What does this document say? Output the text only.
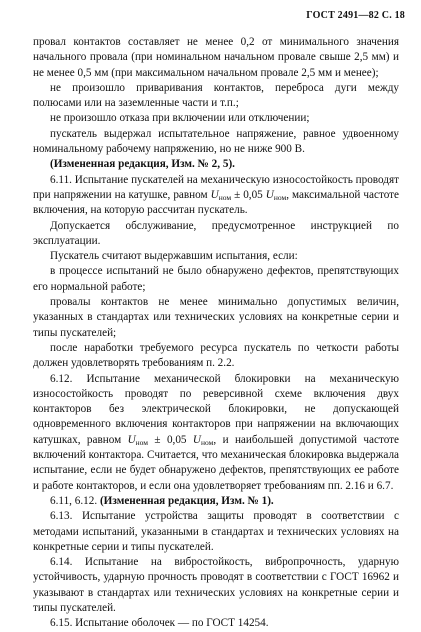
ГОСТ 2491—82 С. 18

провал контактов составляет не менее 0,2 от минимального значения начального провала (при номинальном начальном провале свыше 2,5 мм) и не менее 0,5 мм (при максимальном начальном провале 2,5 мм и менее);

не произошло приваривания контактов, переброса дуги между полюсами или на заземленные части и т.п.;

не произошло отказа при включении или отключении;

пускатель выдержал испытательное напряжение, равное удвоенному номинальному рабочему напряжению, но не ниже 900 В.

(Измененная редакция, Изм. № 2, 5).

6.11. Испытание пускателей на механическую износостойкость проводят при напряжении на катушке, равном $U_{ном} \pm 0,05$ $U_{ном}$, максимальной частоте включения, на которую рассчитан пускатель.

Допускается обслуживание, предусмотренное инструкцией по эксплуатации.

Пускатель считают выдержавшим испытания, если:

в процессе испытаний не было обнаружено дефектов, препятствующих его нормальной работе;

провалы контактов не менее минимально допустимых величин, указанных в стандартах или технических условиях на конкретные серии и типы пускателей;

после наработки требуемого ресурса пускатель по четкости работы должен удовлетворять требованиям п. 2.2.

6.12. Испытание механической блокировки на механическую износостойкость проводят по реверсивной схеме включения двух контакторов без электрической блокировки, не допускающей одновременного включения контакторов при напряжении на включающих катушках, равном $U_{ном} \pm 0,05$ $U_{ном}$, и наибольшей допустимой частоте включений контактора. Считается, что механическая блокировка выдержала испытание, если не будет обнаружено дефектов, препятствующих ее работе и работе контакторов, и если она удовлетворяет требованиям пп. 2.16 и 6.7.

6.11, 6.12. (Измененная редакция, Изм. № 1).

6.13. Испытание устройства защиты проводят в соответствии с методами испытаний, указанными в стандартах и технических условиях на конкретные серии и типы пускателей.

6.14. Испытание на вибростойкость, вибропрочность, ударную устойчивость, ударную прочность проводят в соответствии с ГОСТ 16962 и указывают в стандартах или технических условиях на конкретные серии и типы пускателей.

6.15. Испытание оболочек — по ГОСТ 14254.
